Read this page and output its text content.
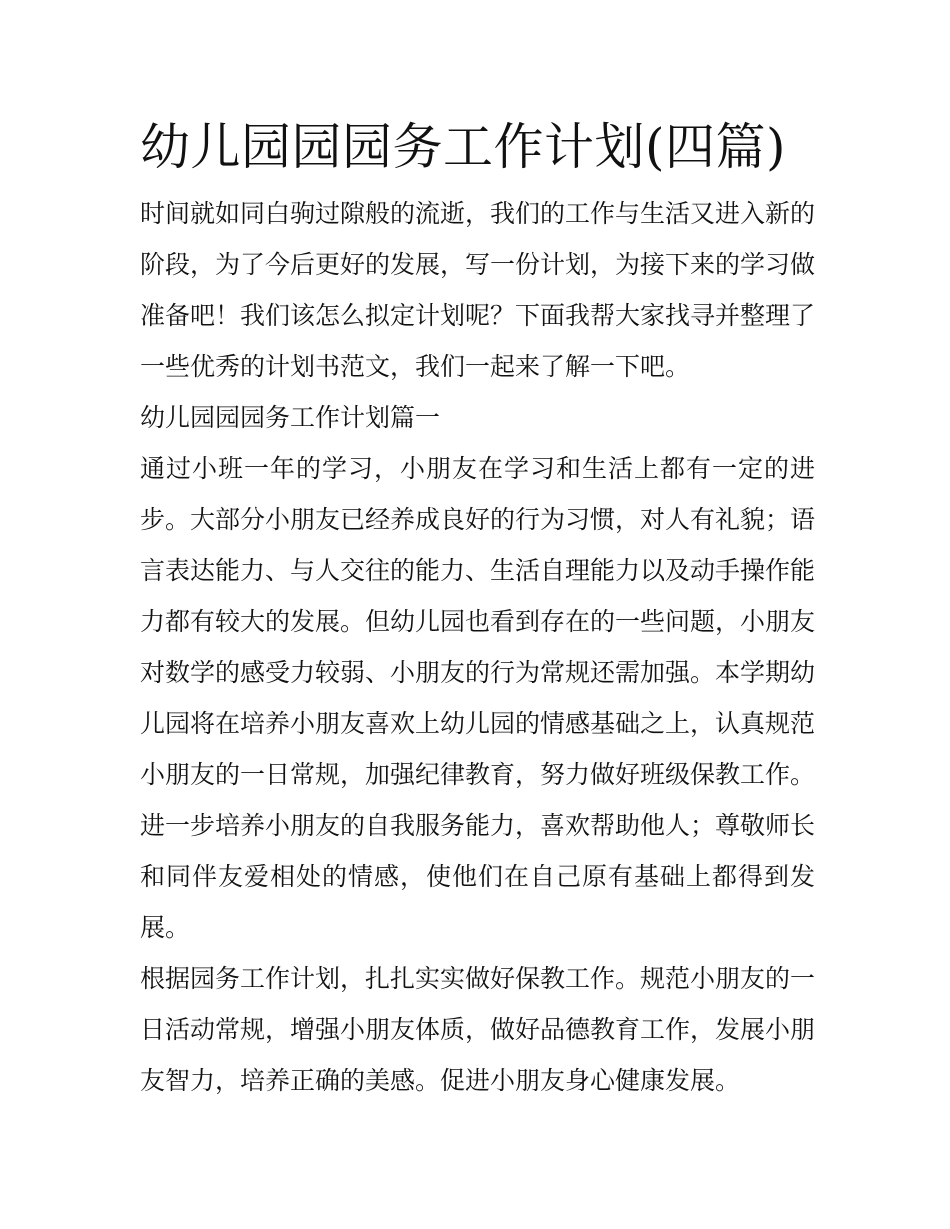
幼儿园园园务工作计划(四篇)

时间就如同白驹过隙般的流逝，我们的工作与生活又进入新的阶段，为了今后更好的发展，写一份计划，为接下来的学习做准备吧！我们该怎么拟定计划呢？下面我帮大家找寻并整理了一些优秀的计划书范文，我们一起来了解一下吧。

幼儿园园园务工作计划篇一

通过小班一年的学习，小朋友在学习和生活上都有一定的进步。大部分小朋友已经养成良好的行为习惯，对人有礼貌；语言表达能力、与人交往的能力、生活自理能力以及动手操作能力都有较大的发展。但幼儿园也看到存在的一些问题，小朋友对数学的感受力较弱、小朋友的行为常规还需加强。本学期幼儿园将在培养小朋友喜欢上幼儿园的情感基础之上，认真规范小朋友的一日常规，加强纪律教育，努力做好班级保教工作。进一步培养小朋友的自我服务能力，喜欢帮助他人；尊敬师长和同伴友爱相处的情感，使他们在自己原有基础上都得到发展。

根据园务工作计划，扎扎实实做好保教工作。规范小朋友的一日活动常规，增强小朋友体质，做好品德教育工作，发展小朋友智力，培养正确的美感。促进小朋友身心健康发展。
